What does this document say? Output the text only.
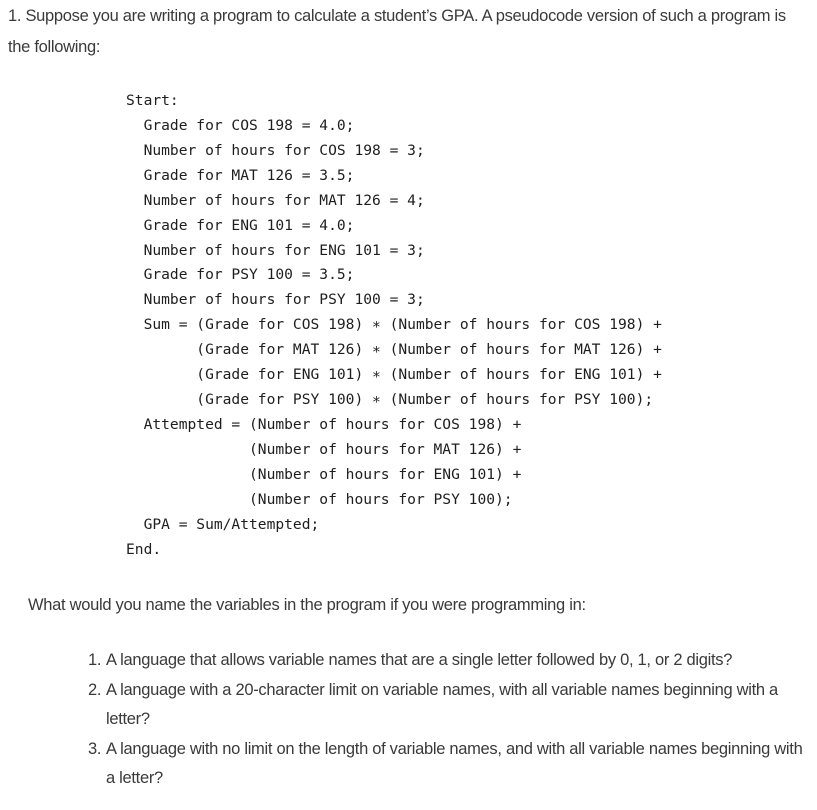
1. Suppose you are writing a program to calculate a student’s GPA. A pseudocode version of such a program is the following:

Start:
Grade for COS 198 = 4.0;
Number of hours for COS 198 = 3;
Grade for MAT 126 = 3.5;
Number of hours for MAT 126 = 4;
Grade for ENG 101 = 4.0;
Number of hours for ENG 101 = 3;
Grade for PSY 100 = 3.5;
Number of hours for PSY 100 = 3;
Sum = (Grade for COS 198) ∗ (Number of hours for COS 198) +
(Grade for MAT 126) ∗ (Number of hours for MAT 126) +
(Grade for ENG 101) ∗ (Number of hours for ENG 101) +
(Grade for PSY 100) ∗ (Number of hours for PSY 100);
Attempted = (Number of hours for COS 198) +
(Number of hours for MAT 126) +
(Number of hours for ENG 101) +
(Number of hours for PSY 100);
GPA = Sum/Attempted;
End.

What would you name the variables in the program if you were programming in:

1. A language that allows variable names that are a single letter followed by 0, 1, or 2 digits?
2. A language with a 20-character limit on variable names, with all variable names beginning with a letter?
3. A language with no limit on the length of variable names, and with all variable names beginning with a letter?
